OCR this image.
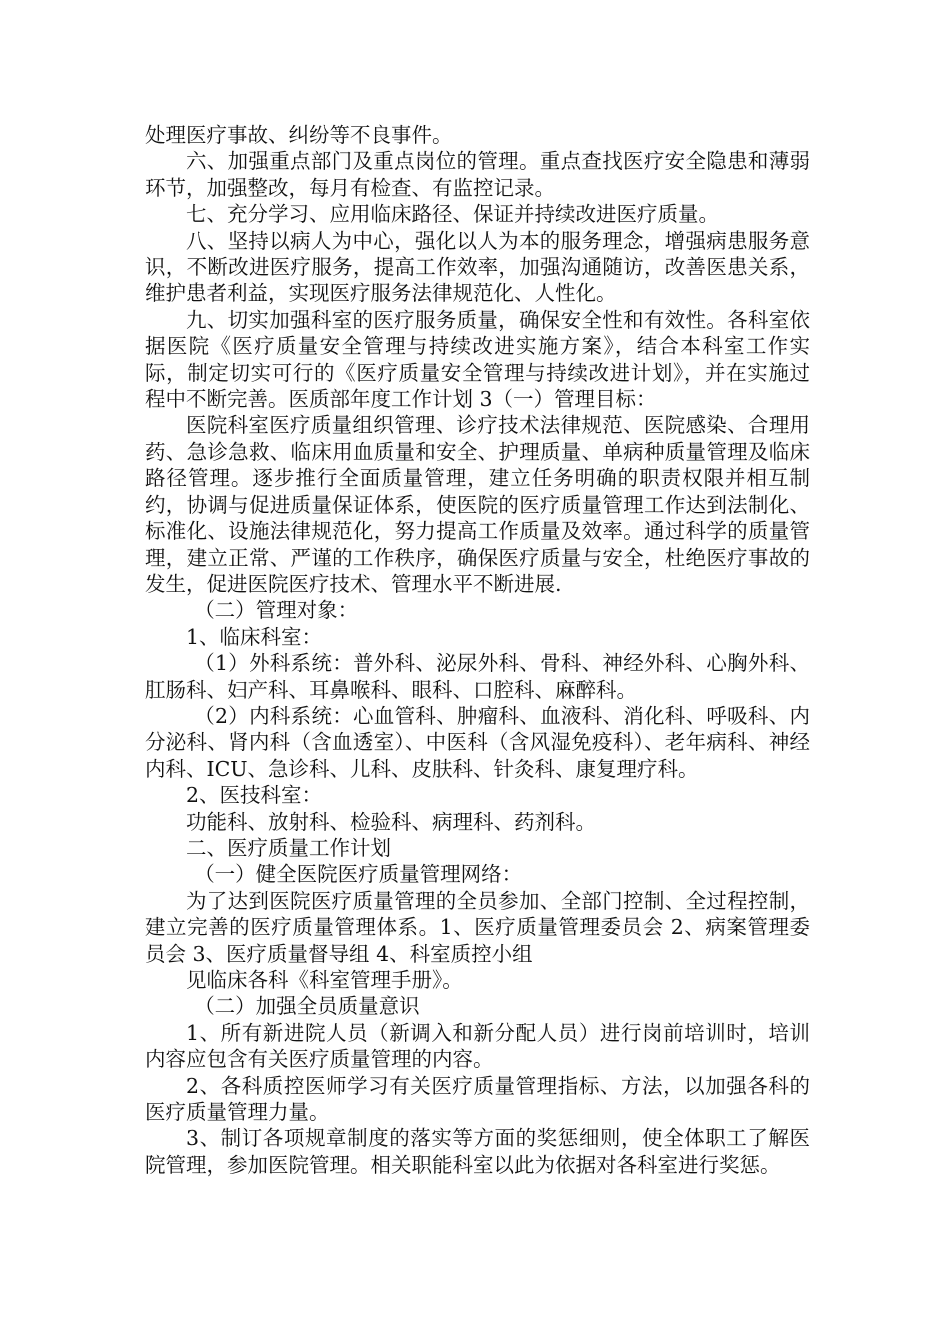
处理医疗事故、纠纷等不良事件。

六、加强重点部门及重点岗位的管理。重点查找医疗安全隐患和薄弱环节，加强整改，每月有检查、有监控记录。

七、充分学习、应用临床路径、保证并持续改进医疗质量。

八、坚持以病人为中心，强化以人为本的服务理念，增强病患服务意识，不断改进医疗服务，提高工作效率，加强沟通随访，改善医患关系，维护患者利益，实现医疗服务法律规范化、人性化。

九、切实加强科室的医疗服务质量，确保安全性和有效性。各科室依据医院《医疗质量安全管理与持续改进实施方案》，结合本科室工作实际，制定切实可行的《医疗质量安全管理与持续改进计划》，并在实施过程中不断完善。医质部年度工作计划 3（一）管理目标：

医院科室医疗质量组织管理、诊疗技术法律规范、医院感染、合理用药、急诊急救、临床用血质量和安全、护理质量、单病种质量管理及临床路径管理。逐步推行全面质量管理，建立任务明确的职责权限并相互制约，协调与促进质量保证体系，使医院的医疗质量管理工作达到法制化、标准化、设施法律规范化，努力提高工作质量及效率。通过科学的质量管理，建立正常、严谨的工作秩序，确保医疗质量与安全，杜绝医疗事故的发生，促进医院医疗技术、管理水平不断进展.

（二）管理对象：

1、临床科室：

（1）外科系统：普外科、泌尿外科、骨科、神经外科、心胸外科、肛肠科、妇产科、耳鼻喉科、眼科、口腔科、麻醉科。

（2）内科系统：心血管科、肿瘤科、血液科、消化科、呼吸科、内分泌科、肾内科（含血透室）、中医科（含风湿免疫科）、老年病科、神经内科、ICU、急诊科、儿科、皮肤科、针灸科、康复理疗科。

2、医技科室：

功能科、放射科、检验科、病理科、药剂科。

二、医疗质量工作计划

（一）健全医院医疗质量管理网络：

为了达到医院医疗质量管理的全员参加、全部门控制、全过程控制，建立完善的医疗质量管理体系。1、医疗质量管理委员会 2、病案管理委员会 3、医疗质量督导组 4、科室质控小组

见临床各科《科室管理手册》。

（二）加强全员质量意识

1、所有新进院人员（新调入和新分配人员）进行岗前培训时，培训内容应包含有关医疗质量管理的内容。

2、各科质控医师学习有关医疗质量管理指标、方法，以加强各科的医疗质量管理力量。

3、制订各项规章制度的落实等方面的奖惩细则，使全体职工了解医院管理，参加医院管理。相关职能科室以此为依据对各科室进行奖惩。
